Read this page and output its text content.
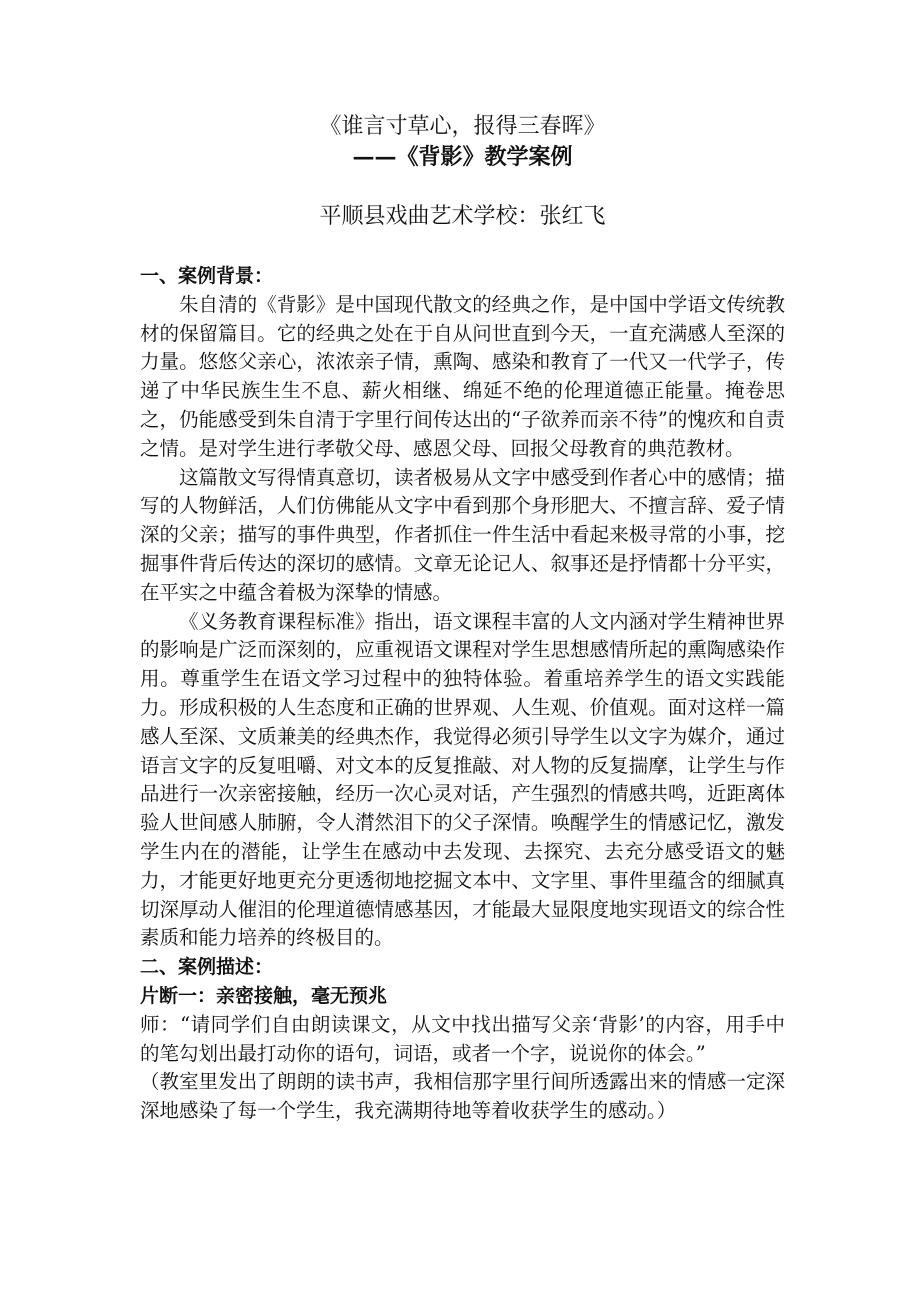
《谁言寸草心，报得三春晖》
——《背影》教学案例

平顺县戏曲艺术学校：张红飞

一、案例背景：

朱自清的《背影》是中国现代散文的经典之作，是中国中学语文传统教材的保留篇目。它的经典之处在于自从问世直到今天，一直充满感人至深的力量。悠悠父亲心，浓浓亲子情，熏陶、感染和教育了一代又一代学子，传递了中华民族生生不息、薪火相继、绵延不绝的伦理道德正能量。掩卷思之，仍能感受到朱自清于字里行间传达出的“子欲养而亲不待”的愧疚和自责之情。是对学生进行孝敬父母、感恩父母、回报父母教育的典范教材。

这篇散文写得情真意切，读者极易从文字中感受到作者心中的感情；描写的人物鲜活，人们仿佛能从文字中看到那个身形肥大、不擅言辞、爱子情深的父亲；描写的事件典型，作者抓住一件生活中看起来极寻常的小事，挖掘事件背后传达的深切的感情。文章无论记人、叙事还是抒情都十分平实，在平实之中蕴含着极为深挚的情感。

《义务教育课程标准》指出，语文课程丰富的人文内涵对学生精神世界的影响是广泛而深刻的，应重视语文课程对学生思想感情所起的熏陶感染作用。尊重学生在语文学习过程中的独特体验。着重培养学生的语文实践能力。形成积极的人生态度和正确的世界观、人生观、价值观。面对这样一篇感人至深、文质兼美的经典杰作，我觉得必须引导学生以文字为媒介，通过语言文字的反复咀嚼、对文本的反复推敲、对人物的反复揣摩，让学生与作品进行一次亲密接触，经历一次心灵对话，产生强烈的情感共鸣，近距离体验人世间感人肺腑，令人潸然泪下的父子深情。唤醒学生的情感记忆，激发学生内在的潜能，让学生在感动中去发现、去探究、去充分感受语文的魅力，才能更好地更充分更透彻地挖掘文本中、文字里、事件里蕴含的细腻真切深厚动人催泪的伦理道德情感基因，才能最大显限度地实现语文的综合性素质和能力培养的终极目的。

二、案例描述：

片断一：亲密接触，毫无预兆

师：“请同学们自由朗读课文，从文中找出描写父亲‘背影’的内容，用手中的笔勾划出最打动你的语句，词语，或者一个字，说说你的体会。”

（教室里发出了朗朗的读书声，我相信那字里行间所透露出来的情感一定深深地感染了每一个学生，我充满期待地等着收获学生的感动。）
